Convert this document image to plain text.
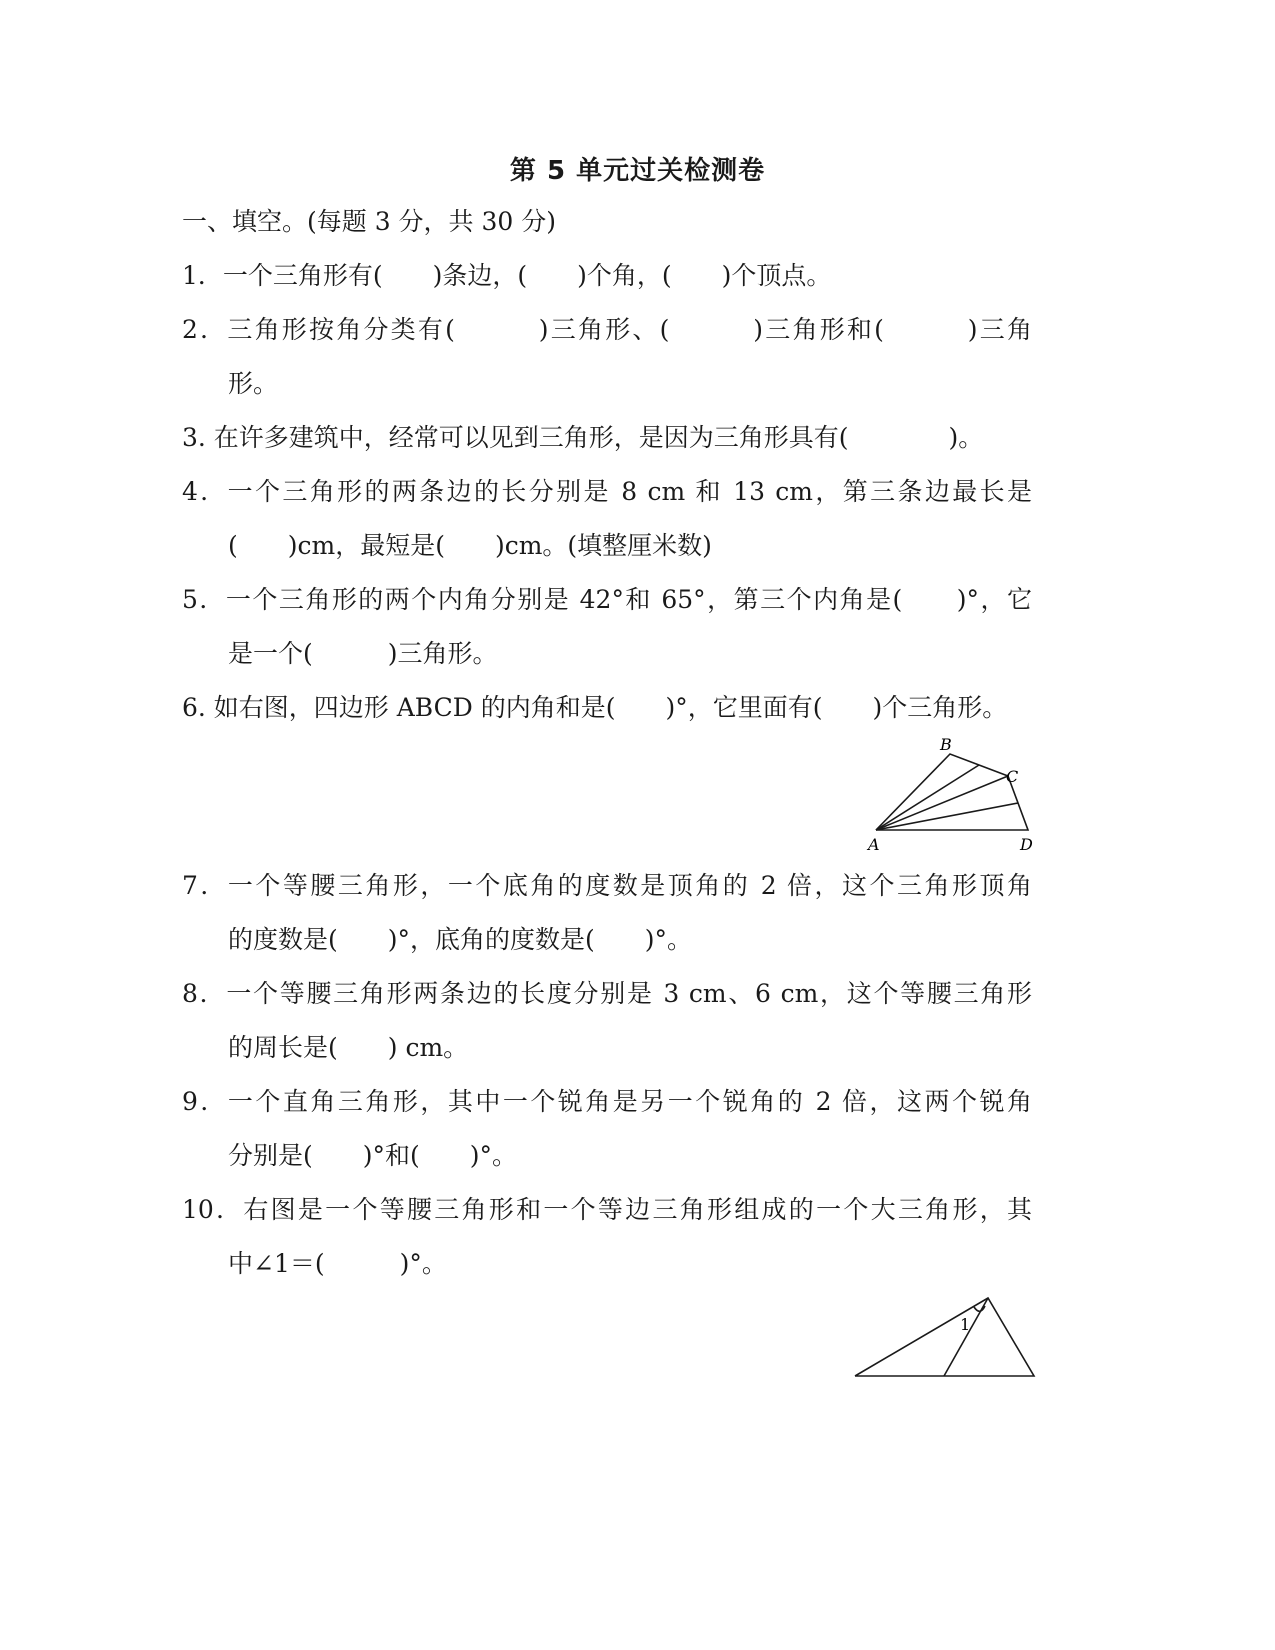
第 5 单元过关检测卷
一、填空。(每题 3 分，共 30 分)
1．一个三角形有(　　)条边，(　　)个角，(　　)个顶点。
2．三角形按角分类有(　　　)三角形、(　　　)三角形和(　　　)三角
形。
3. 在许多建筑中，经常可以见到三角形，是因为三角形具有(　　　　)。
4．一个三角形的两条边的长分别是 8 cm 和 13 cm，第三条边最长是
(　　)cm，最短是(　　)cm。(填整厘米数)
5．一个三角形的两个内角分别是 42°和 65°，第三个内角是(　　)°，它
是一个(　　　)三角形。
6. 如右图，四边形 ABCD 的内角和是(　　)°，它里面有(　　)个三角形。
B
C
A	D
7．一个等腰三角形，一个底角的度数是顶角的 2 倍，这个三角形顶角
的度数是(　　)°，底角的度数是(　　)°。
8．一个等腰三角形两条边的长度分别是 3 cm、6 cm，这个等腰三角形
的周长是(　　) cm。
9．一个直角三角形，其中一个锐角是另一个锐角的 2 倍，这两个锐角
分别是(　　)°和(　　)°。
10．右图是一个等腰三角形和一个等边三角形组成的一个大三角形，其
中∠1＝(　　　)°。
1
